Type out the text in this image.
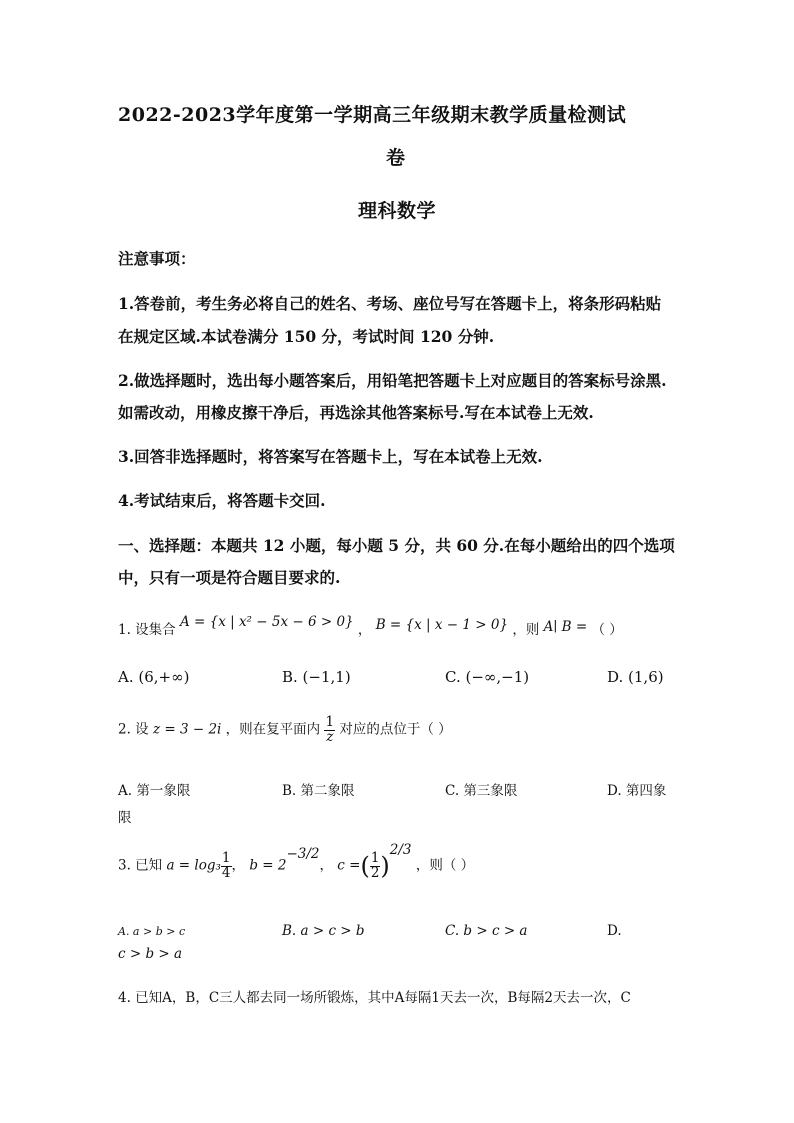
2022-2023学年度第一学期高三年级期末教学质量检测试
卷
理科数学
注意事项：
1.答卷前，考生务必将自己的姓名、考场、座位号写在答题卡上，将条形码粘贴
在规定区域.本试卷满分 150 分，考试时间 120 分钟.
2.做选择题时，选出每小题答案后，用铅笔把答题卡上对应题目的答案标号涂黑.
如需改动，用橡皮擦干净后，再选涂其他答案标号.写在本试卷上无效.
3.回答非选择题时，将答案写在答题卡上，写在本试卷上无效.
4.考试结束后，将答题卡交回.
一、选择题：本题共 12 小题，每小题 5 分，共 60 分.在每小题给出的四个选项
中，只有一项是符合题目要求的.
1. 设集合 A = {x | x² − 5x − 6 > 0} ， B = {x | x − 1 > 0} ，则 A∣ B = （ ）
A. (6,+∞)	B. (−1,1)	C. (−∞,−1)	D. (1,6)
2. 设 z = 3 − 2i ，则在复平面内 $\frac{1}{z}$ 对应的点位于（ ）
A. 第一象限	B. 第二象限	C. 第三象限	D. 第四象
限
3. 已知 $a = \log_3 \frac{1}{4}$ ， $b = 2^{-3/2}$， c =( $\frac{1}{2} )^{2/3}$ ，则（ ）
A. a > b > c	B. a > c > b	C. b > c > a	D.
c > b > a
4. 已知A，B，C三人都去同一场所锻炼，其中A每隔1天去一次，B每隔2天去一次，C
